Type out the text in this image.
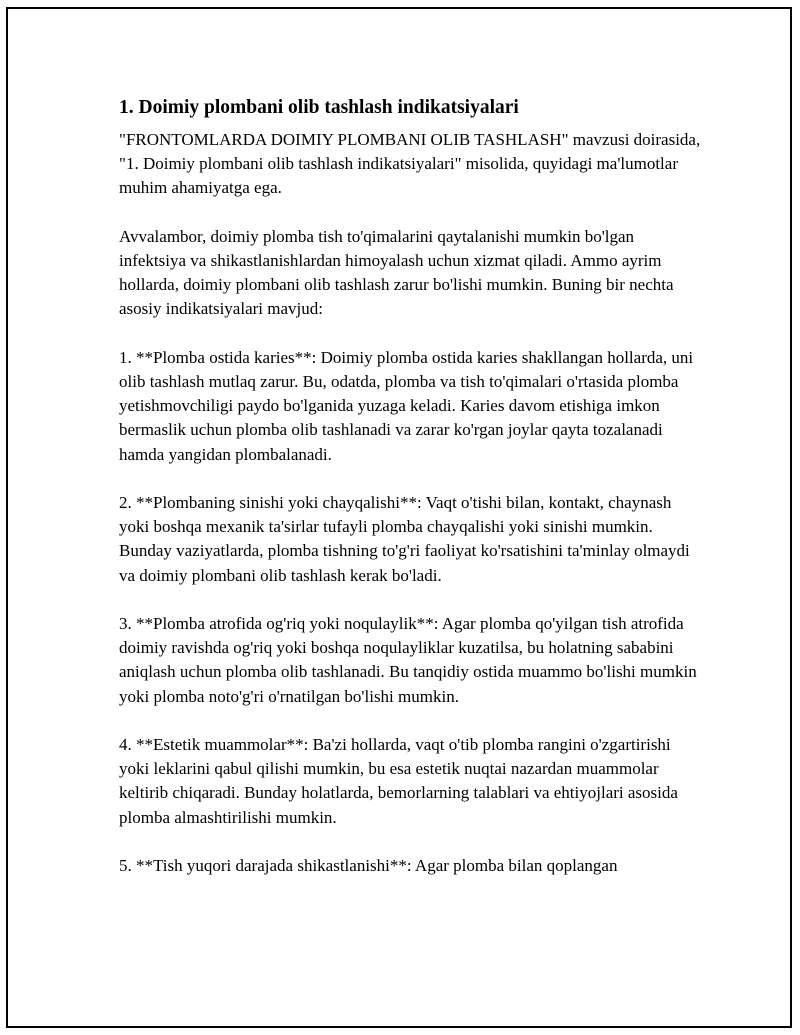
1. Doimiy plombani olib tashlash indikatsiyalari

"FRONTOMLARDA DOIMIY PLOMBANI OLIB TASHLASH" mavzusi doirasida, "1. Doimiy plombani olib tashlash indikatsiyalari" misolida, quyidagi ma'lumotlar muhim ahamiyatga ega.

Avvalambor, doimiy plomba tish to'qimalarini qaytalanishi mumkin bo'lgan infektsiya va shikastlanishlardan himoyalash uchun xizmat qiladi. Ammo ayrim hollarda, doimiy plombani olib tashlash zarur bo'lishi mumkin. Buning bir nechta asosiy indikatsiyalari mavjud:

1. **Plomba ostida karies**: Doimiy plomba ostida karies shakllangan hollarda, uni olib tashlash mutlaq zarur. Bu, odatda, plomba va tish to'qimalari o'rtasida plomba yetishmovchiligi paydo bo'lganida yuzaga keladi. Karies davom etishiga imkon bermaslik uchun plomba olib tashlanadi va zarar ko'rgan joylar qayta tozalanadi hamda yangidan plombalanadi.

2. **Plombaning sinishi yoki chayqalishi**: Vaqt o'tishi bilan, kontakt, chaynash yoki boshqa mexanik ta'sirlar tufayli plomba chayqalishi yoki sinishi mumkin. Bunday vaziyatlarda, plomba tishning to'g'ri faoliyat ko'rsatishini ta'minlay olmaydi va doimiy plombani olib tashlash kerak bo'ladi.

3. **Plomba atrofida og'riq yoki noqulaylik**: Agar plomba qo'yilgan tish atrofida doimiy ravishda og'riq yoki boshqa noqulayliklar kuzatilsa, bu holatning sababini aniqlash uchun plomba olib tashlanadi. Bu tanqidiy ostida muammo bo'lishi mumkin yoki plomba noto'g'ri o'rnatilgan bo'lishi mumkin.

4. **Estetik muammolar**: Ba'zi hollarda, vaqt o'tib plomba rangini o'zgartirishi yoki leklarini qabul qilishi mumkin, bu esa estetik nuqtai nazardan muammolar keltirib chiqaradi. Bunday holatlarda, bemorlarning talablari va ehtiyojlari asosida plomba almashtirilishi mumkin.

5. **Tish yuqori darajada shikastlanishi**: Agar plomba bilan qoplangan
